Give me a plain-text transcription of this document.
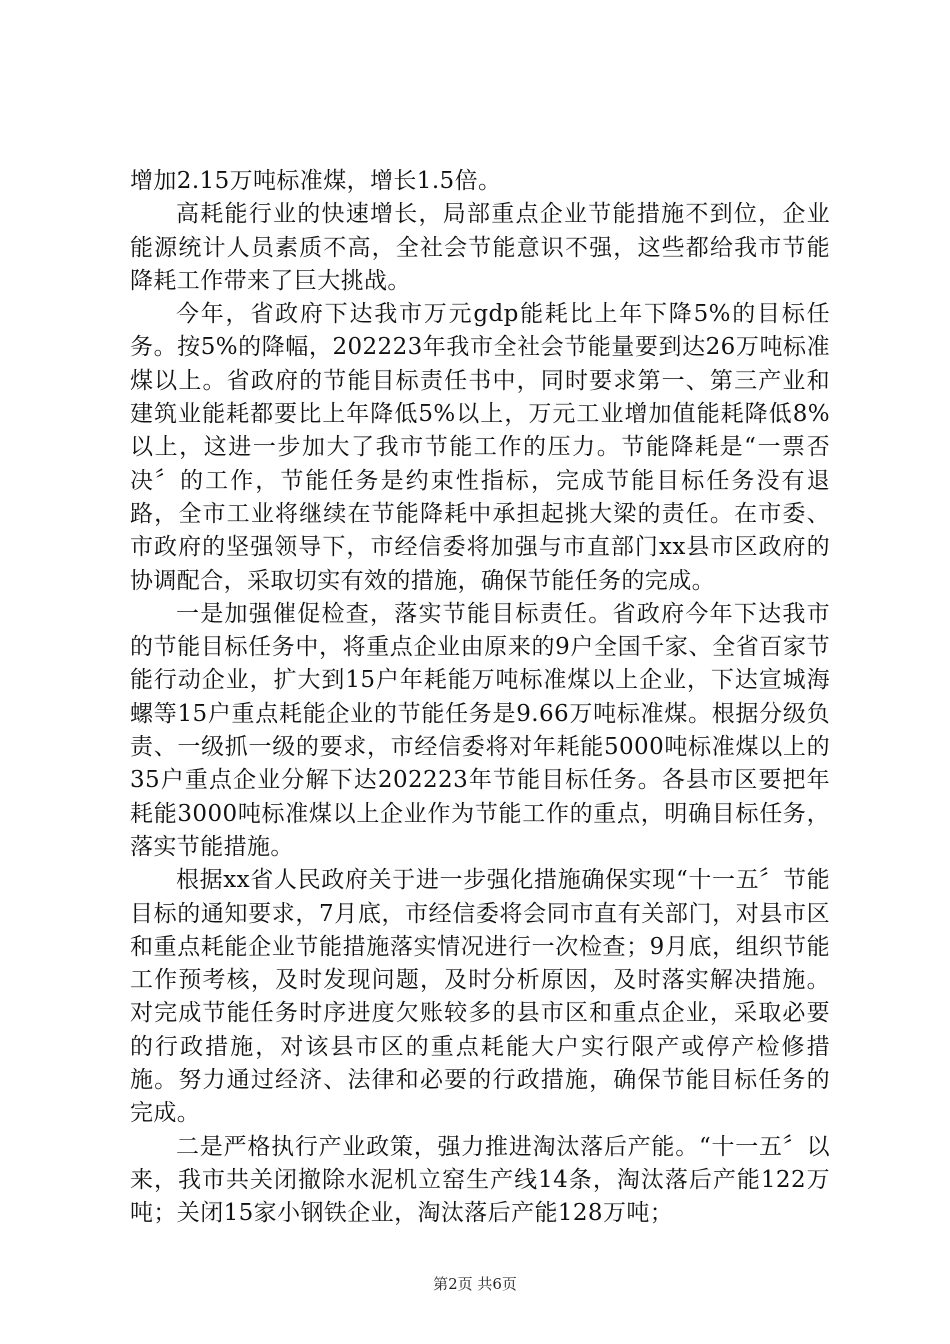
增加2.15万吨标准煤，增长1.5倍。

高耗能行业的快速增长，局部重点企业节能措施不到位，企业能源统计人员素质不高，全社会节能意识不强，这些都给我市节能降耗工作带来了巨大挑战。

今年，省政府下达我市万元gdp能耗比上年下降5%的目标任务。按5%的降幅，202223年我市全社会节能量要到达26万吨标准煤以上。省政府的节能目标责任书中，同时要求第一、第三产业和建筑业能耗都要比上年降低5%以上，万元工业增加值能耗降低8%以上，这进一步加大了我市节能工作的压力。节能降耗是“一票否决〞的工作，节能任务是约束性指标，完成节能目标任务没有退路，全市工业将继续在节能降耗中承担起挑大梁的责任。在市委、市政府的坚强领导下，市经信委将加强与市直部门xx县市区政府的协调配合，采取切实有效的措施，确保节能任务的完成。

一是加强催促检查，落实节能目标责任。省政府今年下达我市的节能目标任务中，将重点企业由原来的9户全国千家、全省百家节能行动企业，扩大到15户年耗能万吨标准煤以上企业，下达宣城海螺等15户重点耗能企业的节能任务是9.66万吨标准煤。根据分级负责、一级抓一级的要求，市经信委将对年耗能5000吨标准煤以上的35户重点企业分解下达202223年节能目标任务。各县市区要把年耗能3000吨标准煤以上企业作为节能工作的重点，明确目标任务，落实节能措施。

根据xx省人民政府关于进一步强化措施确保实现“十一五〞节能目标的通知要求，7月底，市经信委将会同市直有关部门，对县市区和重点耗能企业节能措施落实情况进行一次检查；9月底，组织节能工作预考核，及时发现问题，及时分析原因，及时落实解决措施。对完成节能任务时序进度欠账较多的县市区和重点企业，采取必要的行政措施，对该县市区的重点耗能大户实行限产或停产检修措施。努力通过经济、法律和必要的行政措施，确保节能目标任务的完成。

二是严格执行产业政策，强力推进淘汰落后产能。“十一五〞以来，我市共关闭撤除水泥机立窑生产线14条，淘汰落后产能122万吨；关闭15家小钢铁企业，淘汰落后产能128万吨；

第2页 共6页
